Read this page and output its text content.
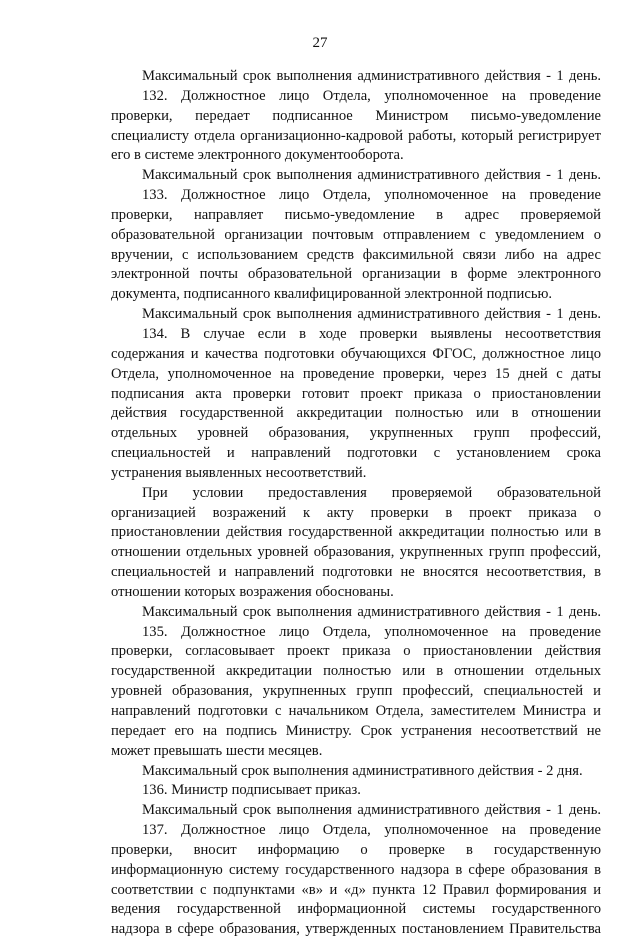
27
Максимальный срок выполнения административного действия - 1 день.
132. Должностное лицо Отдела, уполномоченное на проведение
проверки, передает подписанное Министром письмо-уведомление
специалисту отдела организационно-кадровой работы, который регистрирует
его в системе электронного документооборота.
Максимальный срок выполнения административного действия - 1 день.
133. Должностное лицо Отдела, уполномоченное на проведение
проверки, направляет письмо-уведомление в адрес проверяемой
образовательной организации почтовым отправлением с уведомлением о
вручении, с использованием средств факсимильной связи либо на адрес
электронной почты образовательной организации в форме электронного
документа, подписанного квалифицированной электронной подписью.
Максимальный срок выполнения административного действия - 1 день.
134. В случае если в ходе проверки выявлены несоответствия
содержания и качества подготовки обучающихся ФГОС, должностное лицо
Отдела, уполномоченное на проведение проверки, через 15 дней с даты
подписания акта проверки готовит проект приказа о приостановлении
действия государственной аккредитации полностью или в отношении
отдельных уровней образования, укрупненных групп профессий,
специальностей и направлений подготовки с установлением срока
устранения выявленных несоответствий.
При условии предоставления проверяемой образовательной
организацией возражений к акту проверки в проект приказа о
приостановлении действия государственной аккредитации полностью или в
отношении отдельных уровней образования, укрупненных групп профессий,
специальностей и направлений подготовки не вносятся несоответствия, в
отношении которых возражения обоснованы.
Максимальный срок выполнения административного действия - 1 день.
135. Должностное лицо Отдела, уполномоченное на проведение
проверки, согласовывает проект приказа о приостановлении действия
государственной аккредитации полностью или в отношении отдельных
уровней образования, укрупненных групп профессий, специальностей и
направлений подготовки с начальником Отдела, заместителем Министра и
передает его на подпись Министру. Срок устранения несоответствий не
может превышать шести месяцев.
Максимальный срок выполнения административного действия - 2 дня.
136. Министр подписывает приказ.
Максимальный срок выполнения административного действия - 1 день.
137. Должностное лицо Отдела, уполномоченное на проведение
проверки, вносит информацию о проверке в государственную
информационную систему государственного надзора в сфере образования в
соответствии с подпунктами «в» и «д» пункта 12 Правил формирования и
ведения государственной информационной системы государственного
надзора в сфере образования, утвержденных постановлением Правительства
